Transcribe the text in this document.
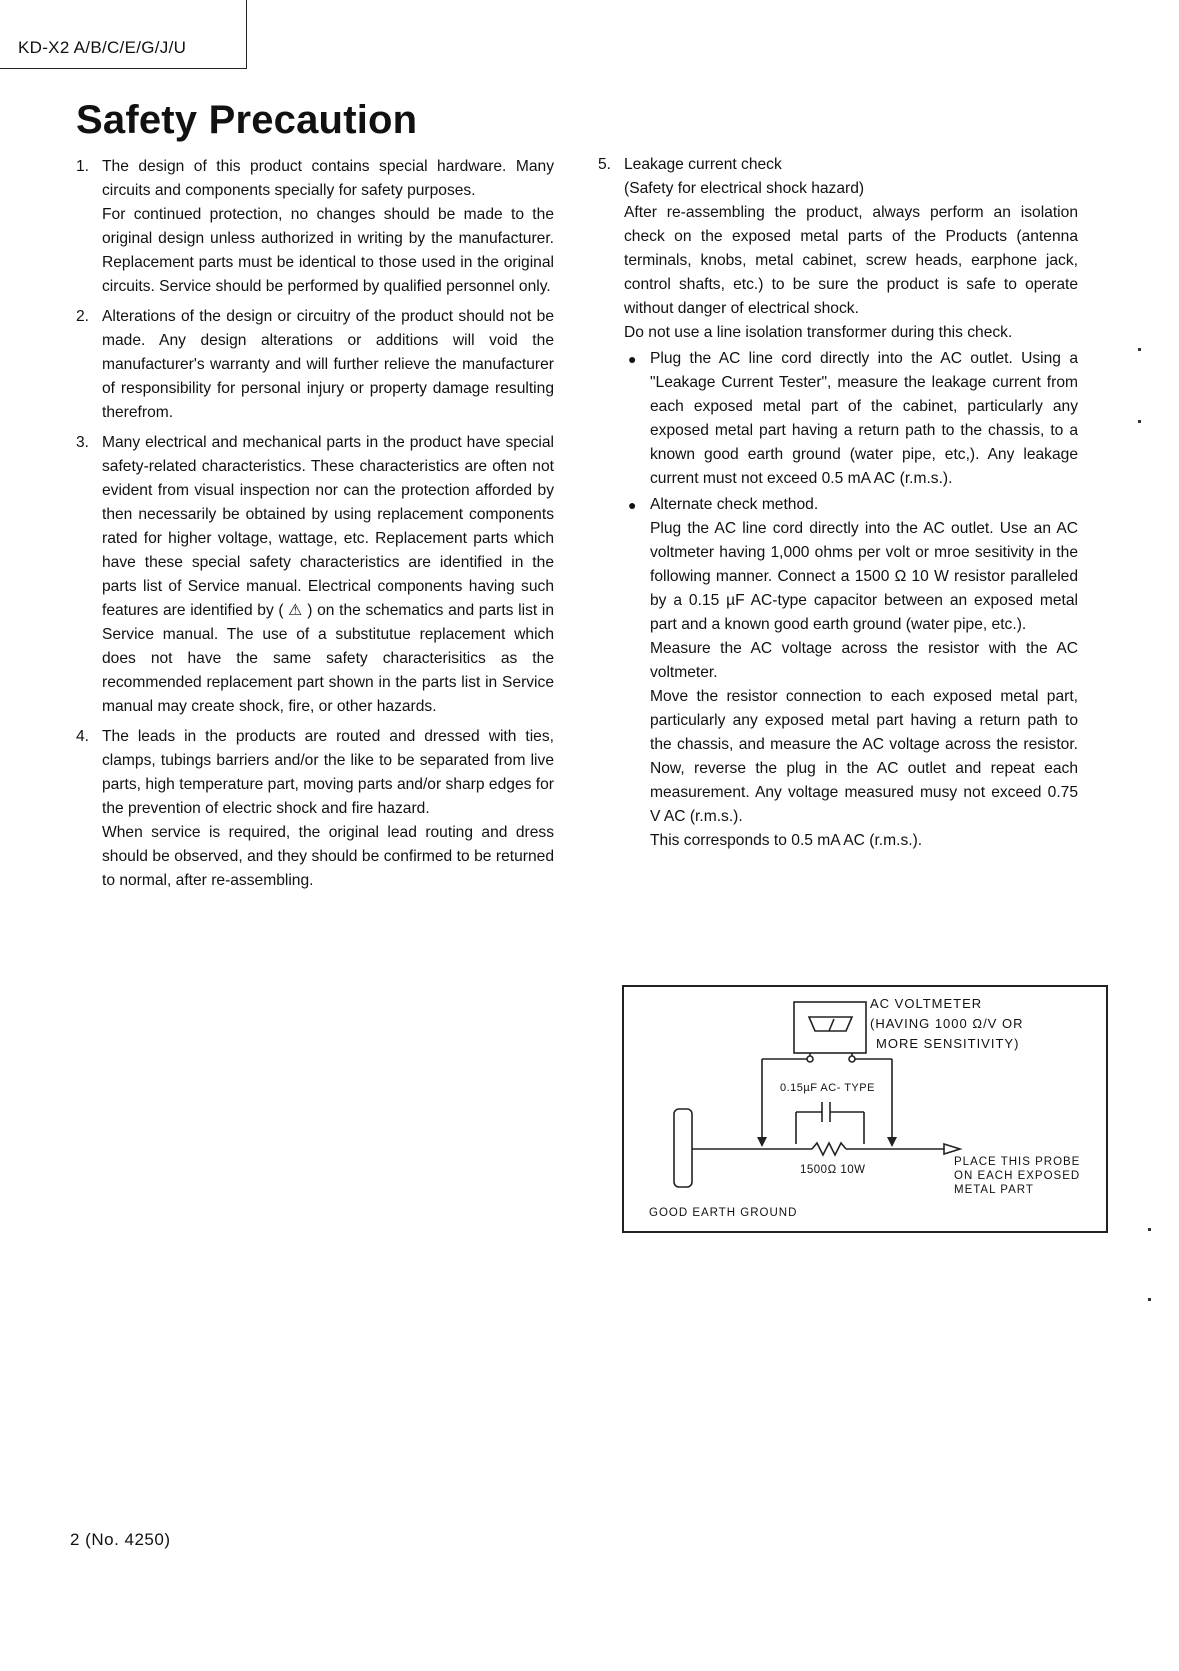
KD-X2 A/B/C/E/G/J/U
Safety Precaution
1. The design of this product contains special hardware. Many circuits and components specially for safety purposes.

For continued protection, no changes should be made to the original design unless authorized in writing by the manufacturer. Replacement parts must be identical to those used in the original circuits. Service should be performed by qualified personnel only.

2. Alterations of the design or circuitry of the product should not be made. Any design alterations or additions will void the manufacturer's warranty and will further relieve the manufacturer of responsibility for personal injury or property damage resulting therefrom.

3. Many electrical and mechanical parts in the product have special safety-related characteristics. These characteristics are often not evident from visual inspection nor can the protection afforded by then necessarily be obtained by using replacement components rated for higher voltage, wattage, etc. Replacement parts which have these special safety characteristics are identified in the parts list of Service manual. Electrical components having such features are identified by ( ⚠ ) on the schematics and parts list in Service manual. The use of a substitutue replacement which does not have the same safety characterisitics as the recommended replacement part shown in the parts list in Service manual may create shock, fire, or other hazards.

4. The leads in the products are routed and dressed with ties, clamps, tubings barriers and/or the like to be separated from live parts, high temperature part, moving parts and/or sharp edges for the prevention of electric shock and fire hazard.

When service is required, the original lead routing and dress should be observed, and they should be confirmed to be returned to normal, after re-assembling.

5. Leakage current check

(Safety for electrical shock hazard)

After re-assembling the product, always perform an isolation check on the exposed metal parts of the Products (antenna terminals, knobs, metal cabinet, screw heads, earphone jack, control shafts, etc.) to be sure the product is safe to operate without danger of electrical shock.

Do not use a line isolation transformer during this check.

● Plug the AC line cord directly into the AC outlet. Using a "Leakage Current Tester", measure the leakage current from each exposed metal part of the cabinet, particularly any exposed metal part having a return path to the chassis, to a known good earth ground (water pipe, etc,). Any leakage current must not exceed 0.5 mA AC (r.m.s.).

● Alternate check method.

Plug the AC line cord directly into the AC outlet. Use an AC voltmeter having 1,000 ohms per volt or mroe sesitivity in the following manner. Connect a 1500 Ω 10 W resistor paralleled by a 0.15 µF AC-type capacitor between an exposed metal part and a known good earth ground (water pipe, etc.).

Measure the AC voltage across the resistor with the AC voltmeter.

Move the resistor connection to each exposed metal part, particularly any exposed metal part having a return path to the chassis, and measure the AC voltage across the resistor. Now, reverse the plug in the AC outlet and repeat each measurement. Any voltage measured musy not exceed 0.75 V AC (r.m.s.).

This corresponds to 0.5 mA AC (r.m.s.).

AC VOLTMETER
(HAVING 1000 Ω/V OR
MORE SENSITIVITY)
0.15µF AC- TYPE
1500Ω 10W
PLACE THIS PROBE
ON EACH EXPOSED
METAL PART
GOOD EARTH GROUND
2 (No. 4250)
